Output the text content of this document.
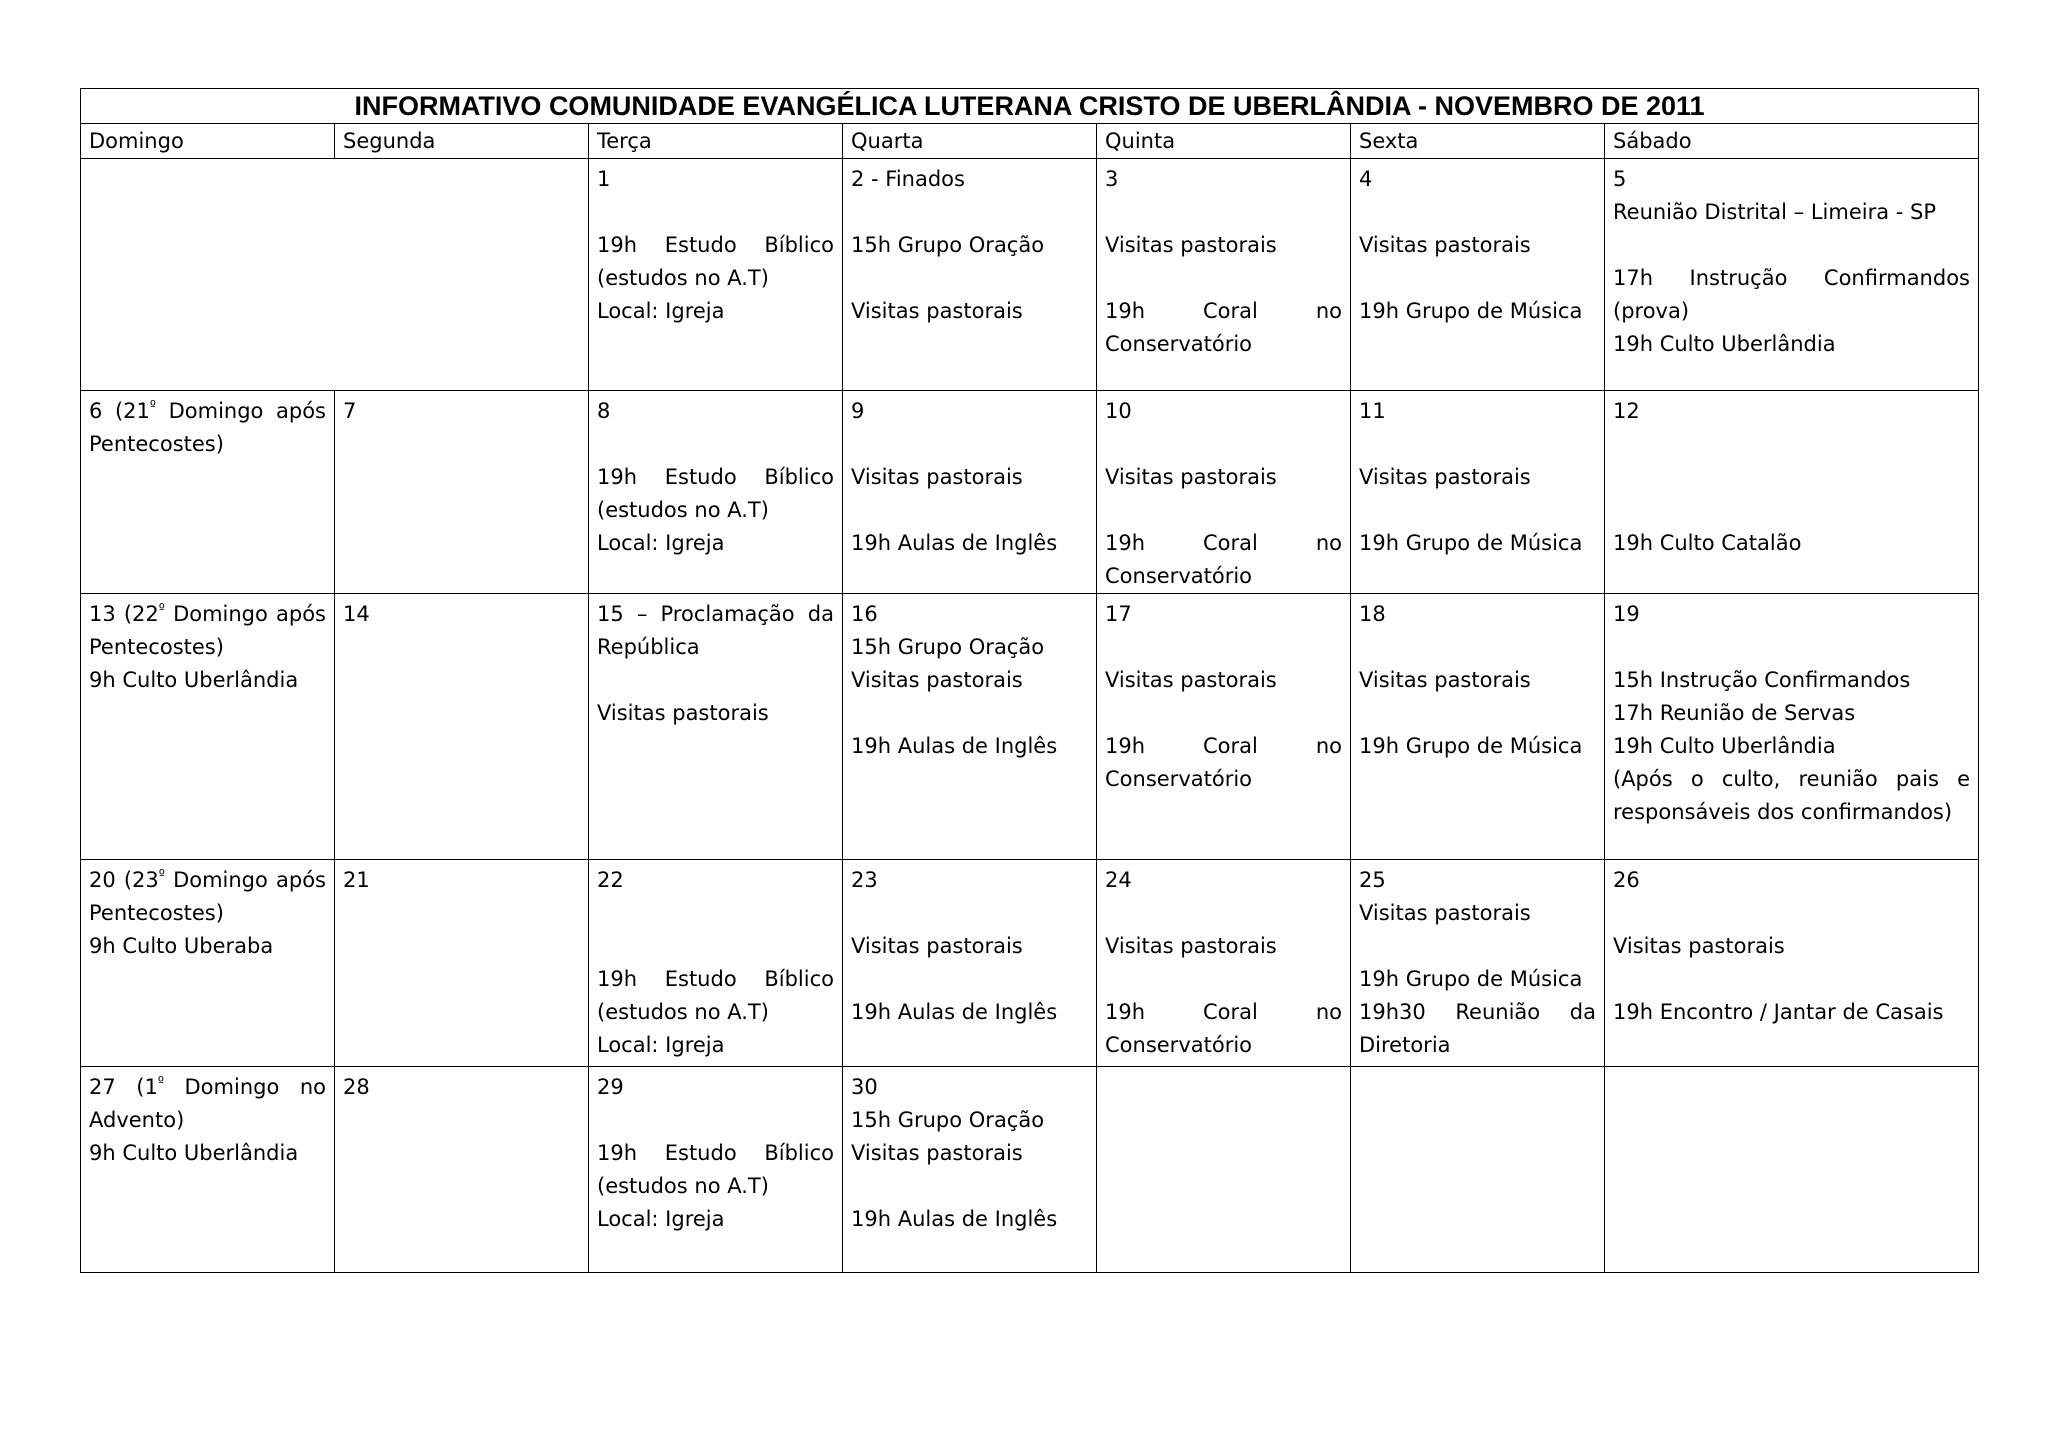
INFORMATIVO COMUNIDADE EVANGÉLICA LUTERANA CRISTO DE UBERLÂNDIA - NOVEMBRO DE 2011						
Domingo	Segunda	Terça	Quarta	Quinta	Sexta	Sábado

		1
19h Estudo Bíblico (estudos no A.T)
Local: Igreja	2 - Finados
15h Grupo Oração
Visitas pastorais	3
Visitas pastorais
19h Coral no Conservatório	4
Visitas pastorais
19h Grupo de Música	5
Reunião Distrital – Limeira - SP
17h Instrução Confirmandos (prova)
19h Culto Uberlândia

6 ($21^º$ Domingo após Pentecostes)	7	8
19h Estudo Bíblico (estudos no A.T)
Local: Igreja	9
Visitas pastorais
19h Aulas de Inglês	10
Visitas pastorais
19h Coral no Conservatório	11
Visitas pastorais
19h Grupo de Música	12
19h Culto Catalão

13 ($22^º$ Domingo após Pentecostes)
9h Culto Uberlândia	14	15 – Proclamação da República
Visitas pastorais	16
15h Grupo Oração
Visitas pastorais
19h Aulas de Inglês	17
Visitas pastorais
19h Coral no Conservatório	18
Visitas pastorais
19h Grupo de Música	19
15h Instrução Confirmandos
17h Reunião de Servas
19h Culto Uberlândia
(Após o culto, reunião pais e responsáveis dos confirmandos)

20 ($23^º$ Domingo após Pentecostes)
9h Culto Uberaba	21	22
19h Estudo Bíblico (estudos no A.T)
Local: Igreja	23
Visitas pastorais
19h Aulas de Inglês	24
Visitas pastorais
19h Coral no Conservatório	25
Visitas pastorais
19h Grupo de Música
19h30 Reunião da Diretoria	26
Visitas pastorais
19h Encontro / Jantar de Casais

27 ($1^º$ Domingo no Advento)
9h Culto Uberlândia	28	29
19h Estudo Bíblico (estudos no A.T)
Local: Igreja	30
15h Grupo Oração
Visitas pastorais
19h Aulas de Inglês			
